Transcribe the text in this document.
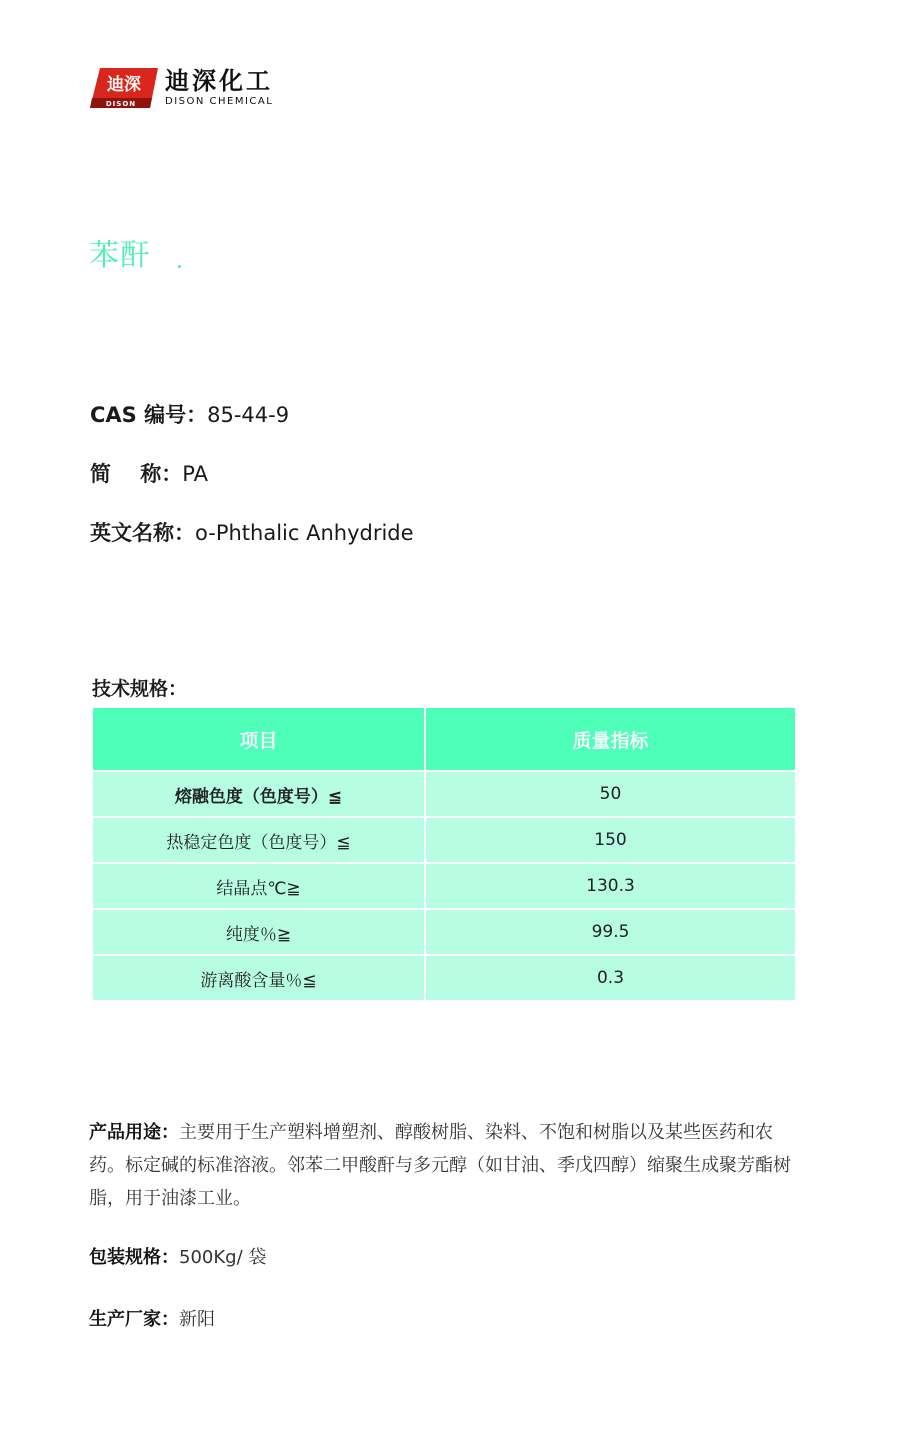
迪深
DISON
迪深化工
DISON CHEMICAL
苯酐
CAS 编号：85-44-9
简    称：PA
英文名称：o-Phthalic Anhydride
技术规格：
项目	质量指标
熔融色度（色度号）≦	50
热稳定色度（色度号）≦	150
结晶点℃≧	130.3
纯度％≧	99.5
游离酸含量％≦	0.3
产品用途：主要用于生产塑料增塑剂、醇酸树脂、染料、不饱和树脂以及某些医药和农药。标定碱的标准溶液。邻苯二甲酸酐与多元醇（如甘油、季戊四醇）缩聚生成聚芳酯树脂，用于油漆工业。
包装规格：500Kg/ 袋
生产厂家：新阳
